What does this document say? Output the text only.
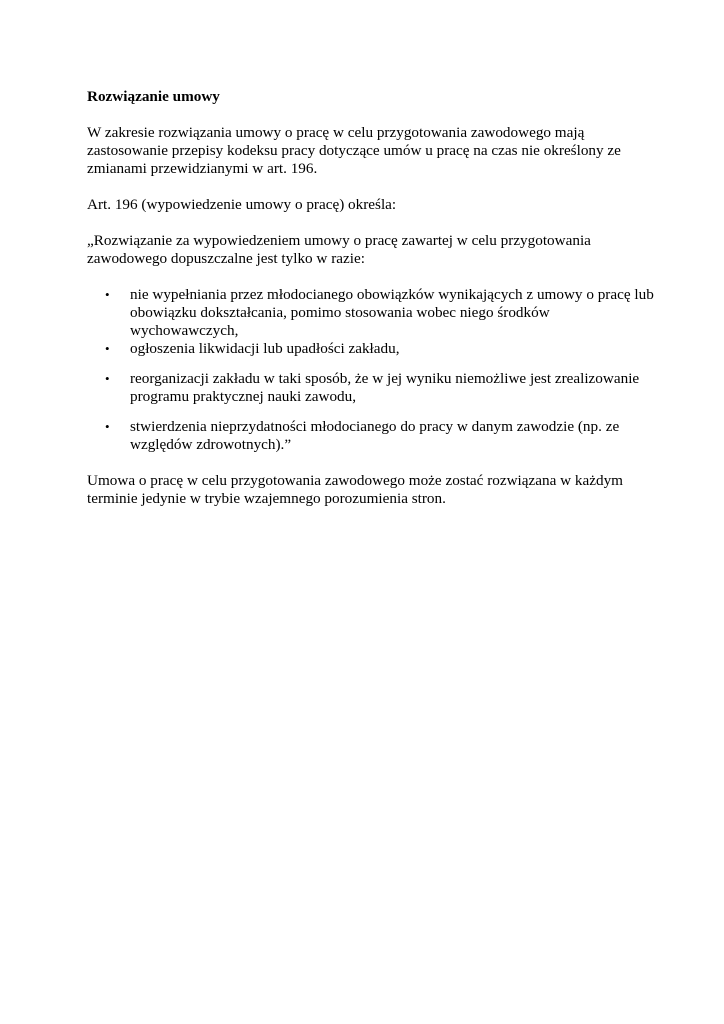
Rozwiązanie umowy
W zakresie rozwiązania umowy o pracę w celu przygotowania zawodowego mają
zastosowanie przepisy kodeksu pracy dotyczące umów u pracę na czas nie określony ze
zmianami przewidzianymi w art. 196.
Art. 196 (wypowiedzenie umowy o pracę) określa:
„Rozwiązanie za wypowiedzeniem umowy o pracę zawartej w celu przygotowania
zawodowego dopuszczalne jest tylko w razie:
• nie wypełniania przez młodocianego obowiązków wynikających z umowy o pracę lub
obowiązku dokształcania, pomimo stosowania wobec niego środków
wychowawczych,
• ogłoszenia likwidacji lub upadłości zakładu,
• reorganizacji zakładu w taki sposób, że w jej wyniku niemożliwe jest zrealizowanie
programu praktycznej nauki zawodu,
• stwierdzenia nieprzydatności młodocianego do pracy w danym zawodzie (np. ze
względów zdrowotnych).”
Umowa o pracę w celu przygotowania zawodowego może zostać rozwiązana w każdym
terminie jedynie w trybie wzajemnego porozumienia stron.
